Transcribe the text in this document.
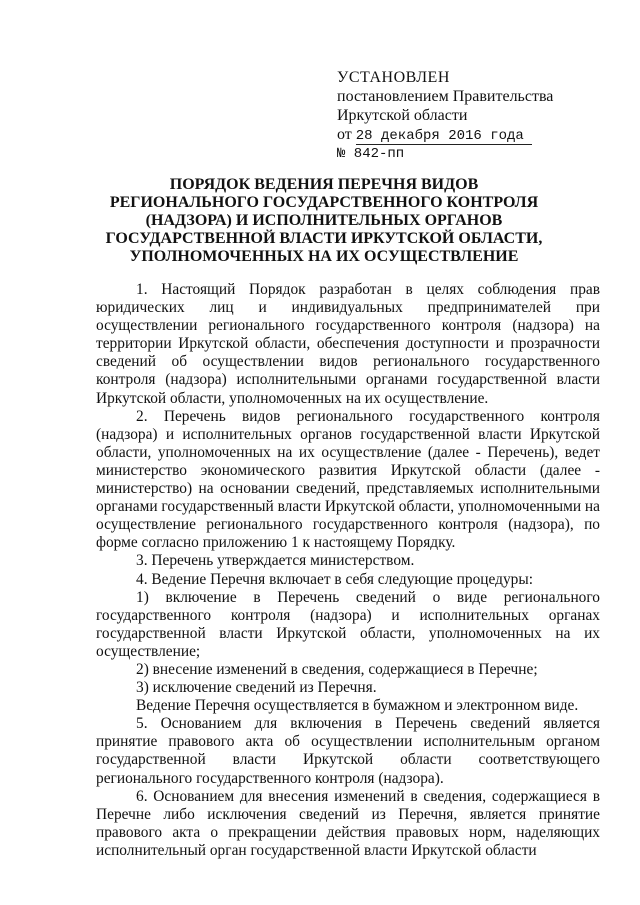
УСТАНОВЛЕН
постановлением Правительства
Иркутской области
от 28 декабря 2016 года
№ 842-пп
ПОРЯДОК ВЕДЕНИЯ ПЕРЕЧНЯ ВИДОВ РЕГИОНАЛЬНОГО ГОСУДАРСТВЕННОГО КОНТРОЛЯ (НАДЗОРА) И ИСПОЛНИТЕЛЬНЫХ ОРГАНОВ ГОСУДАРСТВЕННОЙ ВЛАСТИ ИРКУТСКОЙ ОБЛАСТИ, УПОЛНОМОЧЕННЫХ НА ИХ ОСУЩЕСТВЛЕНИЕ

1. Настоящий Порядок разработан в целях соблюдения прав юридических лиц и индивидуальных предпринимателей при осуществлении регионального государственного контроля (надзора) на территории Иркутской области, обеспечения доступности и прозрачности сведений об осуществлении видов регионального государственного контроля (надзора) исполнительными органами государственной власти Иркутской области, уполномоченных на их осуществление.

2. Перечень видов регионального государственного контроля (надзора) и исполнительных органов государственной власти Иркутской области, уполномоченных на их осуществление (далее - Перечень), ведет министерство экономического развития Иркутской области (далее - министерство) на основании сведений, представляемых исполнительными органами государственный власти Иркутской области, уполномоченными на осуществление регионального государственного контроля (надзора), по форме согласно приложению 1 к настоящему Порядку.

3. Перечень утверждается министерством.

4. Ведение Перечня включает в себя следующие процедуры:

1) включение в Перечень сведений о виде регионального государственного контроля (надзора) и исполнительных органах государственной власти Иркутской области, уполномоченных на их осуществление;

2) внесение изменений в сведения, содержащиеся в Перечне;

3) исключение сведений из Перечня.

Ведение Перечня осуществляется в бумажном и электронном виде.

5. Основанием для включения в Перечень сведений является принятие правового акта об осуществлении исполнительным органом государственной власти Иркутской области соответствующего регионального государственного контроля (надзора).

6. Основанием для внесения изменений в сведения, содержащиеся в Перечне либо исключения сведений из Перечня, является принятие правового акта о прекращении действия правовых норм, наделяющих исполнительный орган государственной власти Иркутской области
